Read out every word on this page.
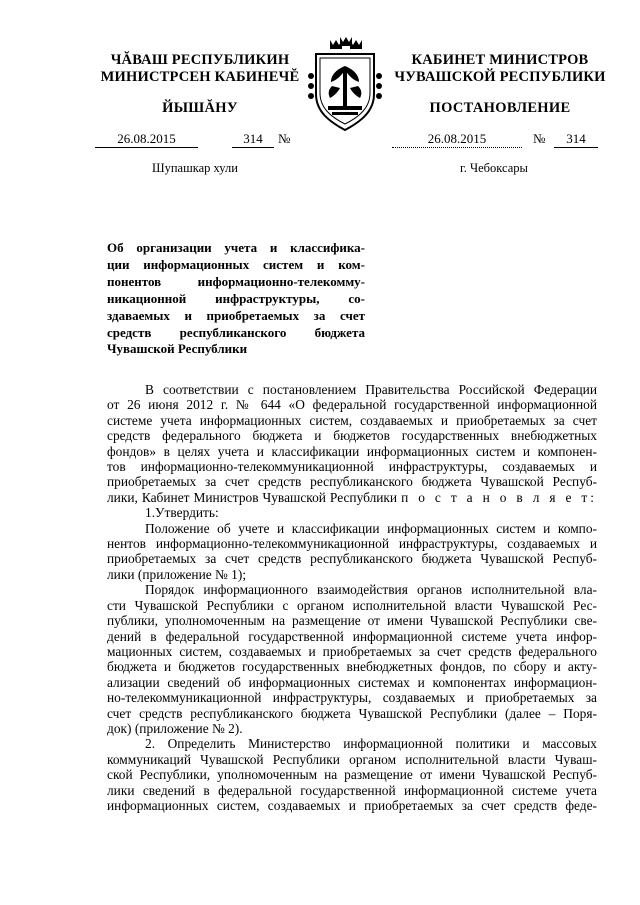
ЧĂВАШ РЕСПУБЛИКИН
МИНИСТРСЕН КАБИНЕЧĔ
КАБИНЕТ МИНИСТРОВ
ЧУВАШСКОЙ РЕСПУБЛИКИ
ЙЫШĂНУ	ПОСТАНОВЛЕНИЕ
26.08.2015	314	№	26.08.2015	№	314
Шупашкар хули	г. Чебоксары
Об организации учета и классифика-
ции информационных систем и ком-
понентов информационно-телекомму-
никационной инфраструктуры, со-
здаваемых и приобретаемых за счет
средств республиканского бюджета
Чувашской Республики
В соответствии с постановлением Правительства Российской Федерации
от 26 июня 2012 г. № 644 «О федеральной государственной информационной
системе учета информационных систем, создаваемых и приобретаемых за счет
средств федерального бюджета и бюджетов государственных внебюджетных
фондов» в целях учета и классификации информационных систем и компонен-
тов информационно-телекоммуникационной инфраструктуры, создаваемых и
приобретаемых за счет средств республиканского бюджета Чувашской Респуб-
лики, Кабинет Министров Чувашской Республики п о с т а н о в л я е т:
1.Утвердить:
Положение об учете и классификации информационных систем и компо-
нентов информационно-телекоммуникационной инфраструктуры, создаваемых и
приобретаемых за счет средств республиканского бюджета Чувашской Респуб-
лики (приложение № 1);
Порядок информационного взаимодействия органов исполнительной вла-
сти Чувашской Республики с органом исполнительной власти Чувашской Рес-
публики, уполномоченным на размещение от имени Чувашской Республики све-
дений в федеральной государственной информационной системе учета инфор-
мационных систем, создаваемых и приобретаемых за счет средств федерального
бюджета и бюджетов государственных внебюджетных фондов, по сбору и акту-
ализации сведений об информационных системах и компонентах информацион-
но-телекоммуникационной инфраструктуры, создаваемых и приобретаемых за
счет средств республиканского бюджета Чувашской Республики (далее – Поря-
док) (приложение № 2).
2. Определить Министерство информационной политики и массовых
коммуникаций Чувашской Республики органом исполнительной власти Чуваш-
ской Республики, уполномоченным на размещение от имени Чувашской Респуб-
лики сведений в федеральной государственной информационной системе учета
информационных систем, создаваемых и приобретаемых за счет средств феде-
